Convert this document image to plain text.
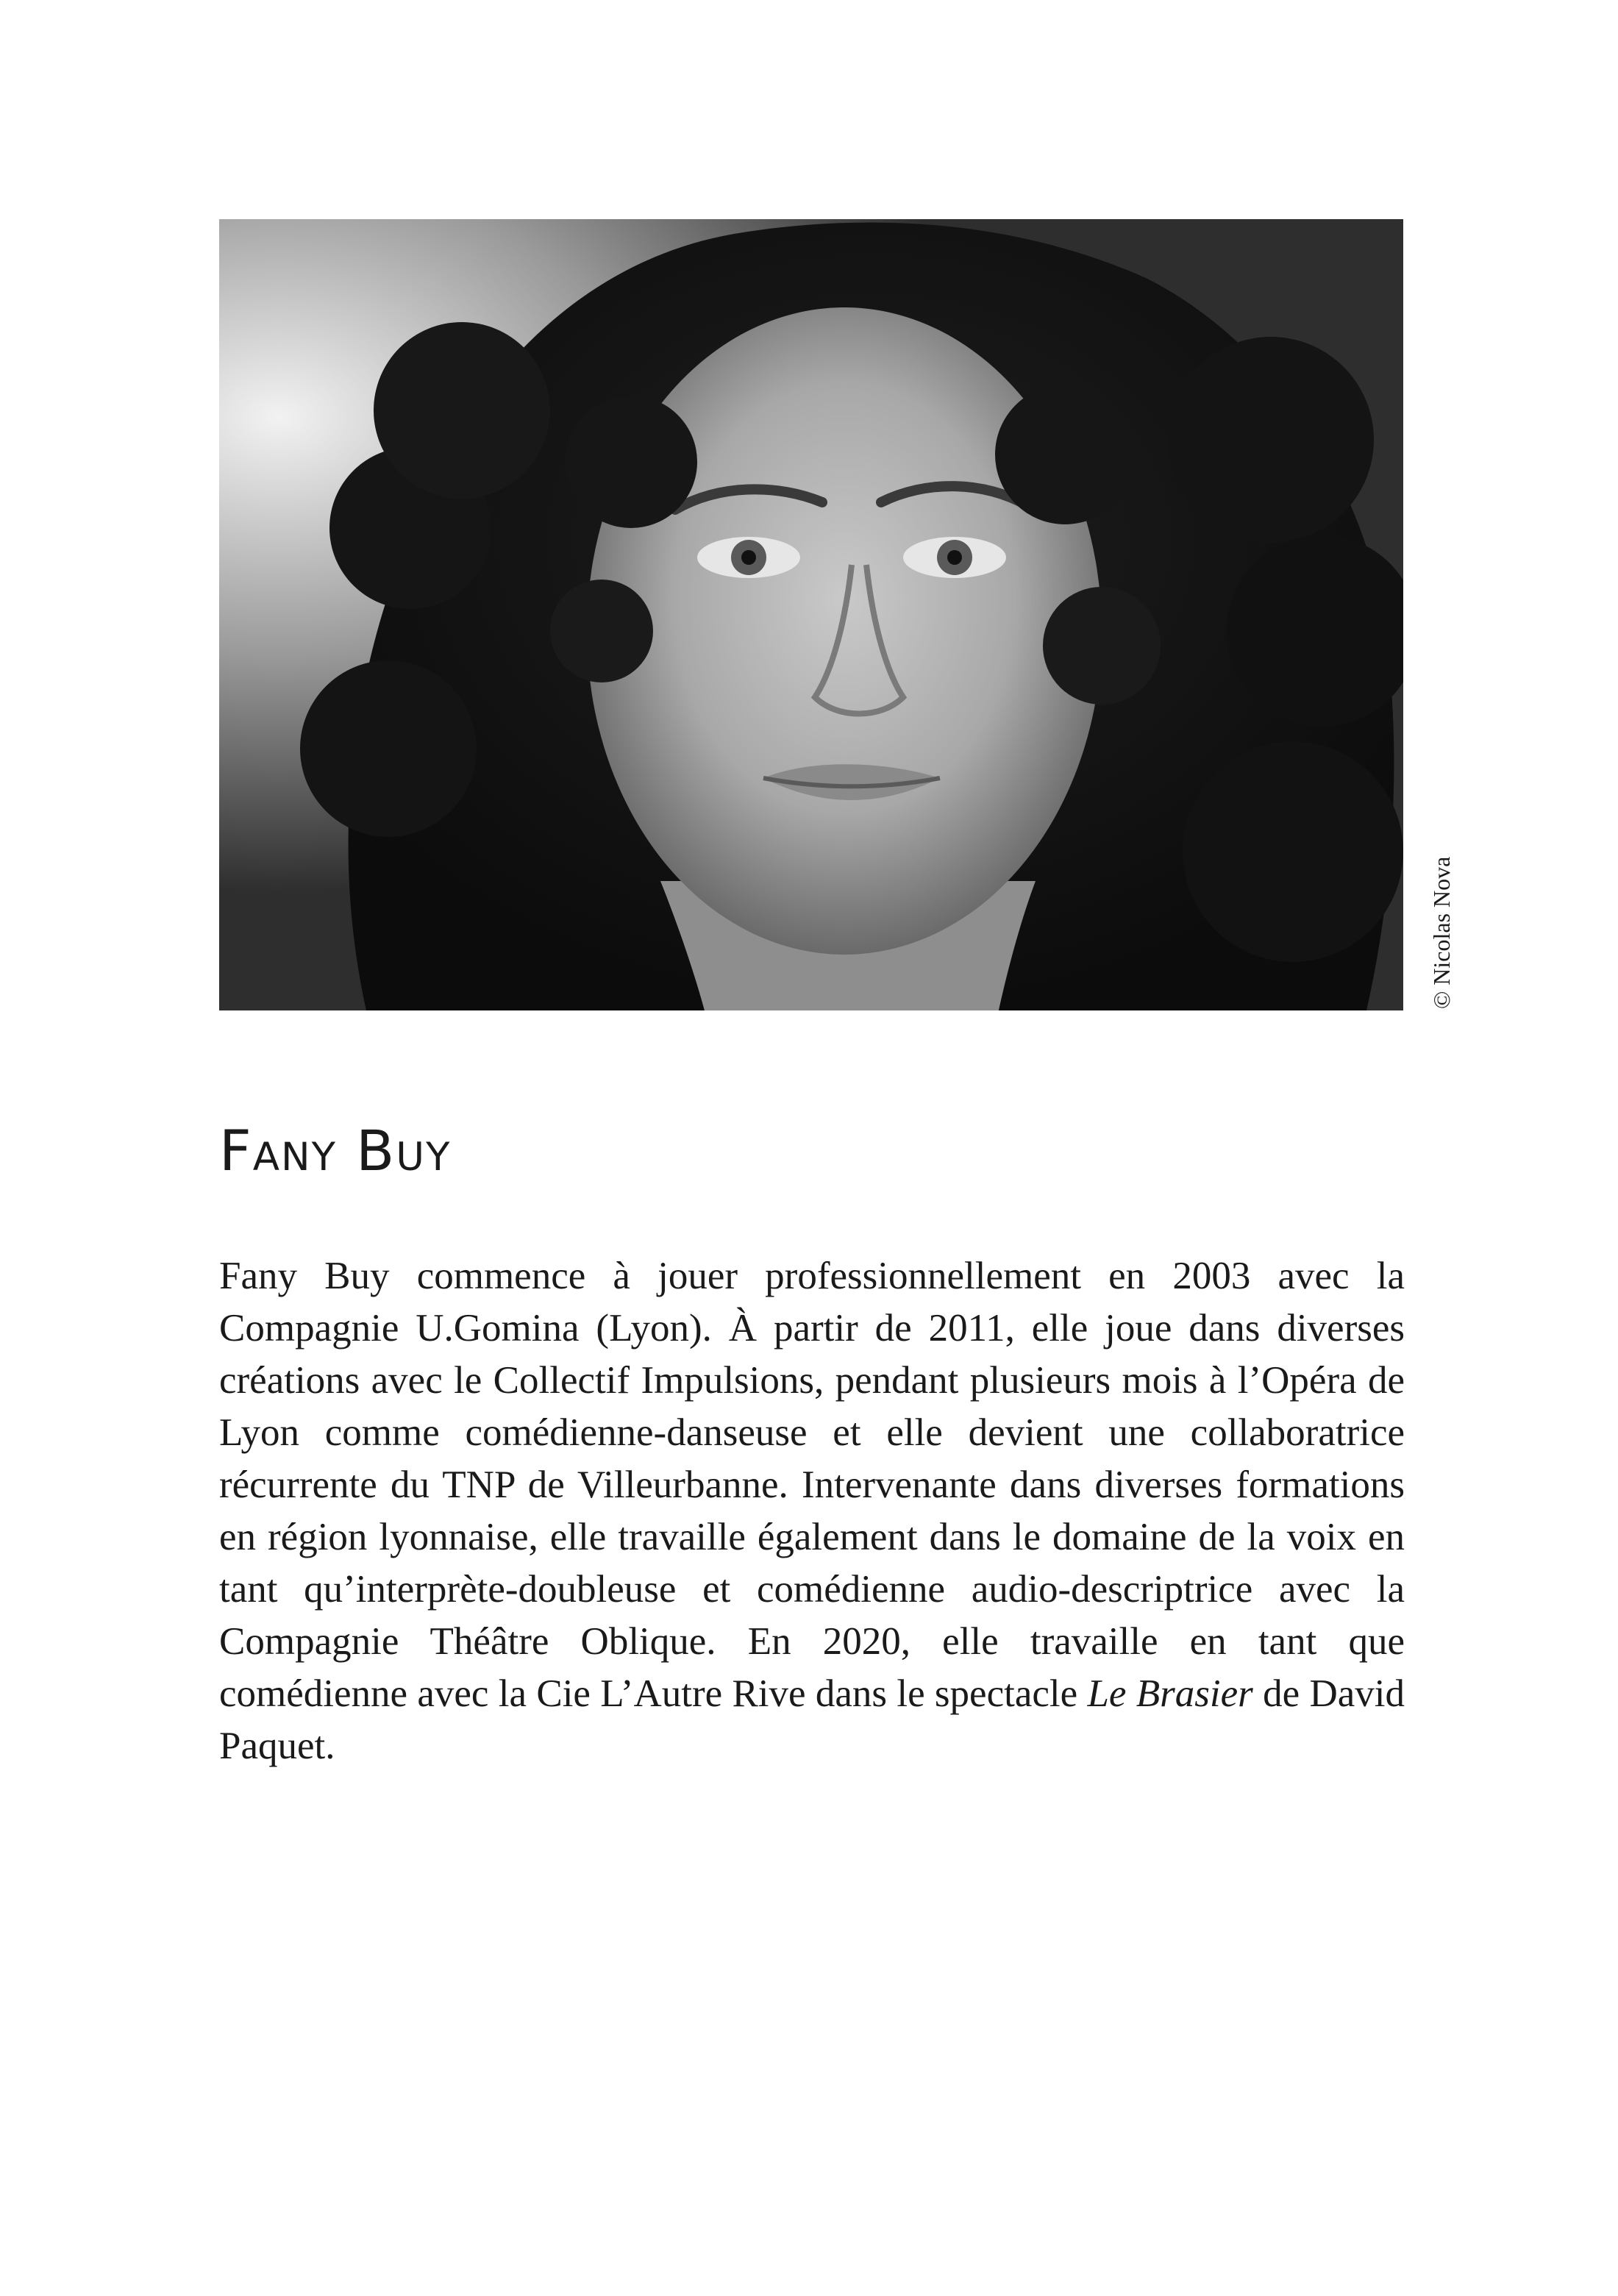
© Nicolas Nova
Fany Buy

Fany Buy commence à jouer professionnellement en 2003 avec la Compagnie U.Gomina (Lyon). À partir de 2011, elle joue dans diverses créations avec le Collectif Impulsions, pendant plusieurs mois à l’Opéra de Lyon comme comédienne-danseuse et elle devient une collaboratrice récurrente du TNP de Villeurbanne. Intervenante dans diverses formations en région lyonnaise, elle travaille également dans le domaine de la voix en tant qu’interprète-doubleuse et comédienne audio-descriptrice avec la Compagnie Théâtre Oblique. En 2020, elle travaille en tant que comédienne avec la Cie L’Autre Rive dans le spectacle Le Brasier de David Paquet.
